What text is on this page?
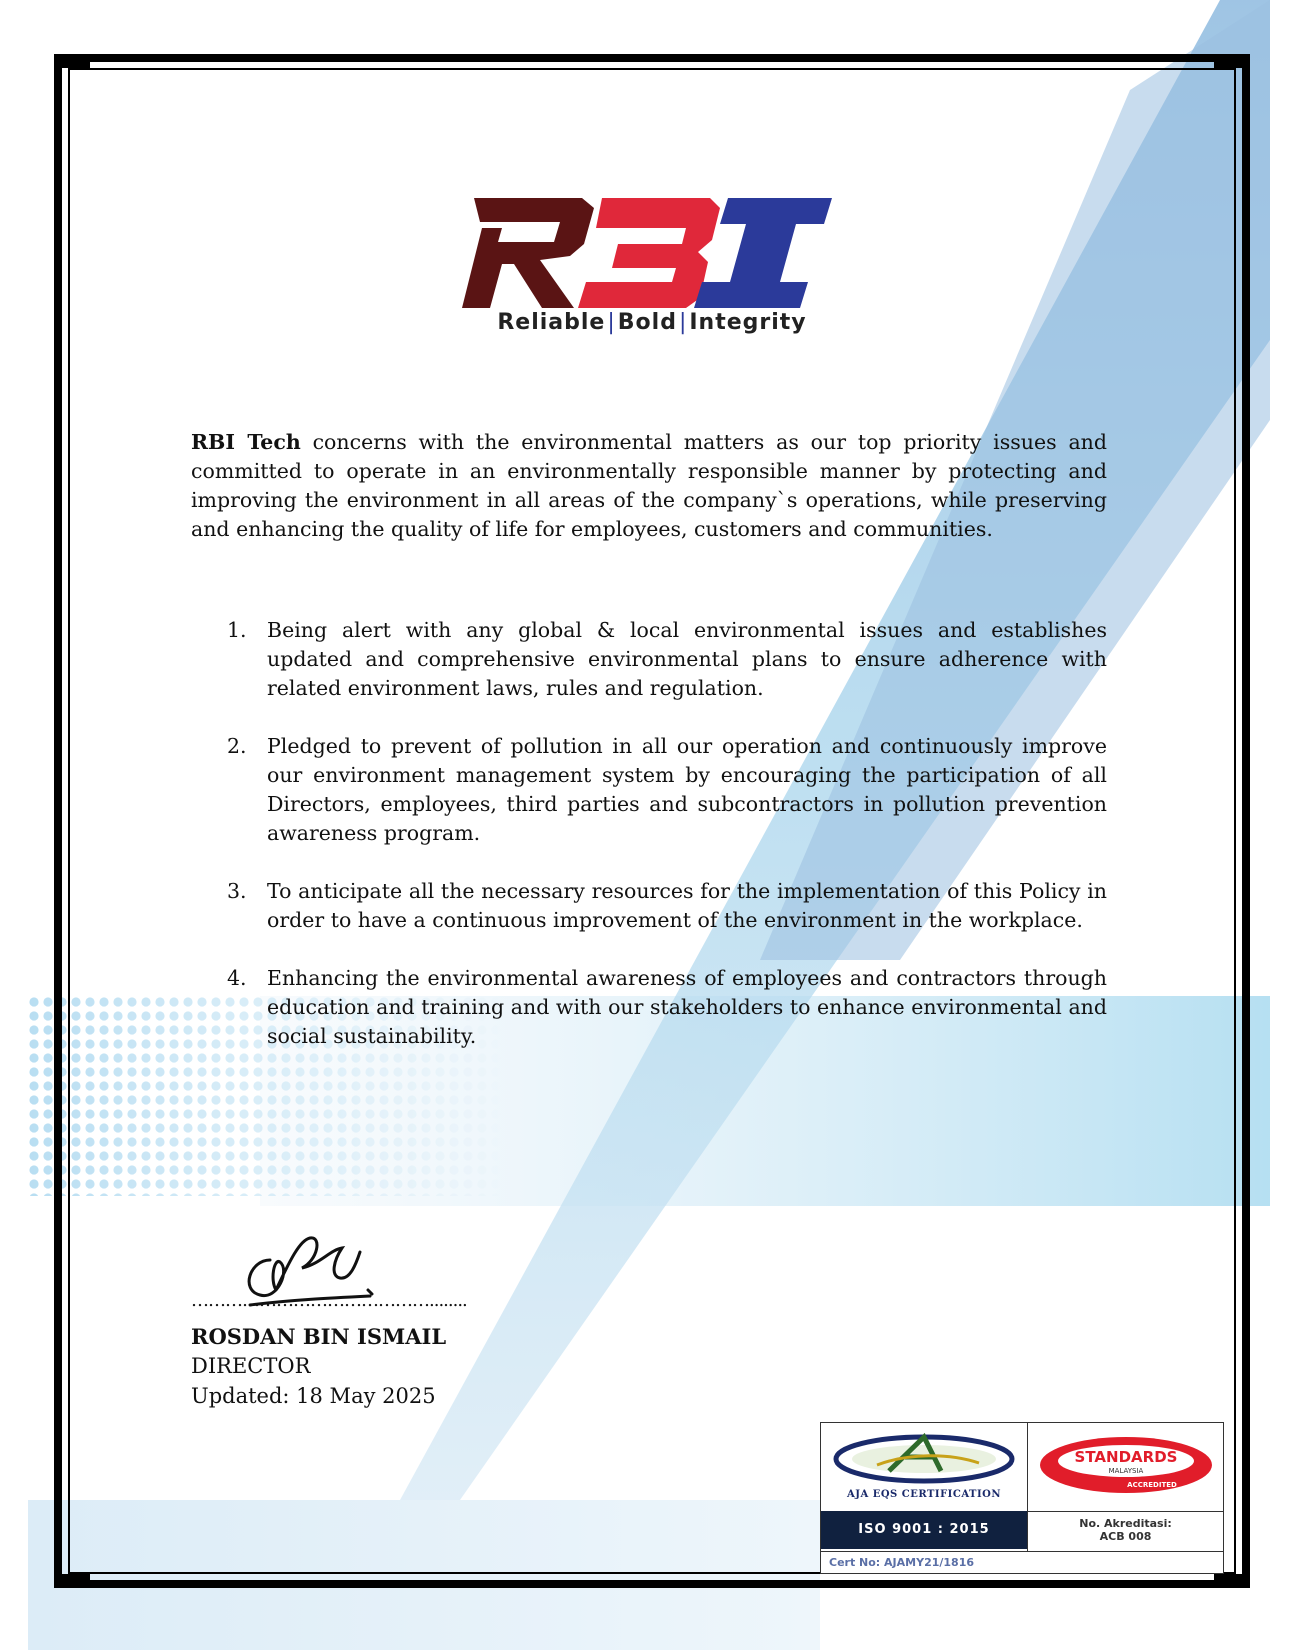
Reliable|Bold|Integrity

RBI Tech concerns with the environmental matters as our top priority issues and committed to operate in an environmentally responsible manner by protecting and improving the environment in all areas of the company`s operations, while preserving and enhancing the quality of life for employees, customers and communities.

1. Being alert with any global & local environmental issues and establishes updated and comprehensive environmental plans to ensure adherence with related environment laws, rules and regulation.
2. Pledged to prevent of pollution in all our operation and continuously improve our environment management system by encouraging the participation of all Directors, employees, third parties and subcontractors in pollution prevention awareness program.
3. To anticipate all the necessary resources for the implementation of this Policy in order to have a continuous improvement of the environment in the workplace.
4. Enhancing the environmental awareness of employees and contractors through education and training and with our stakeholders to enhance environmental and social sustainability.
……………………………………........
ROSDAN BIN ISMAIL
DIRECTOR
Updated: 18 May 2025
AJA EQS CERTIFICATION
ISO 9001 : 2015
STANDARDS
MALAYSIA
ACCREDITED
No. Akreditasi:
ACB 008
Cert No: AJAMY21/1816
